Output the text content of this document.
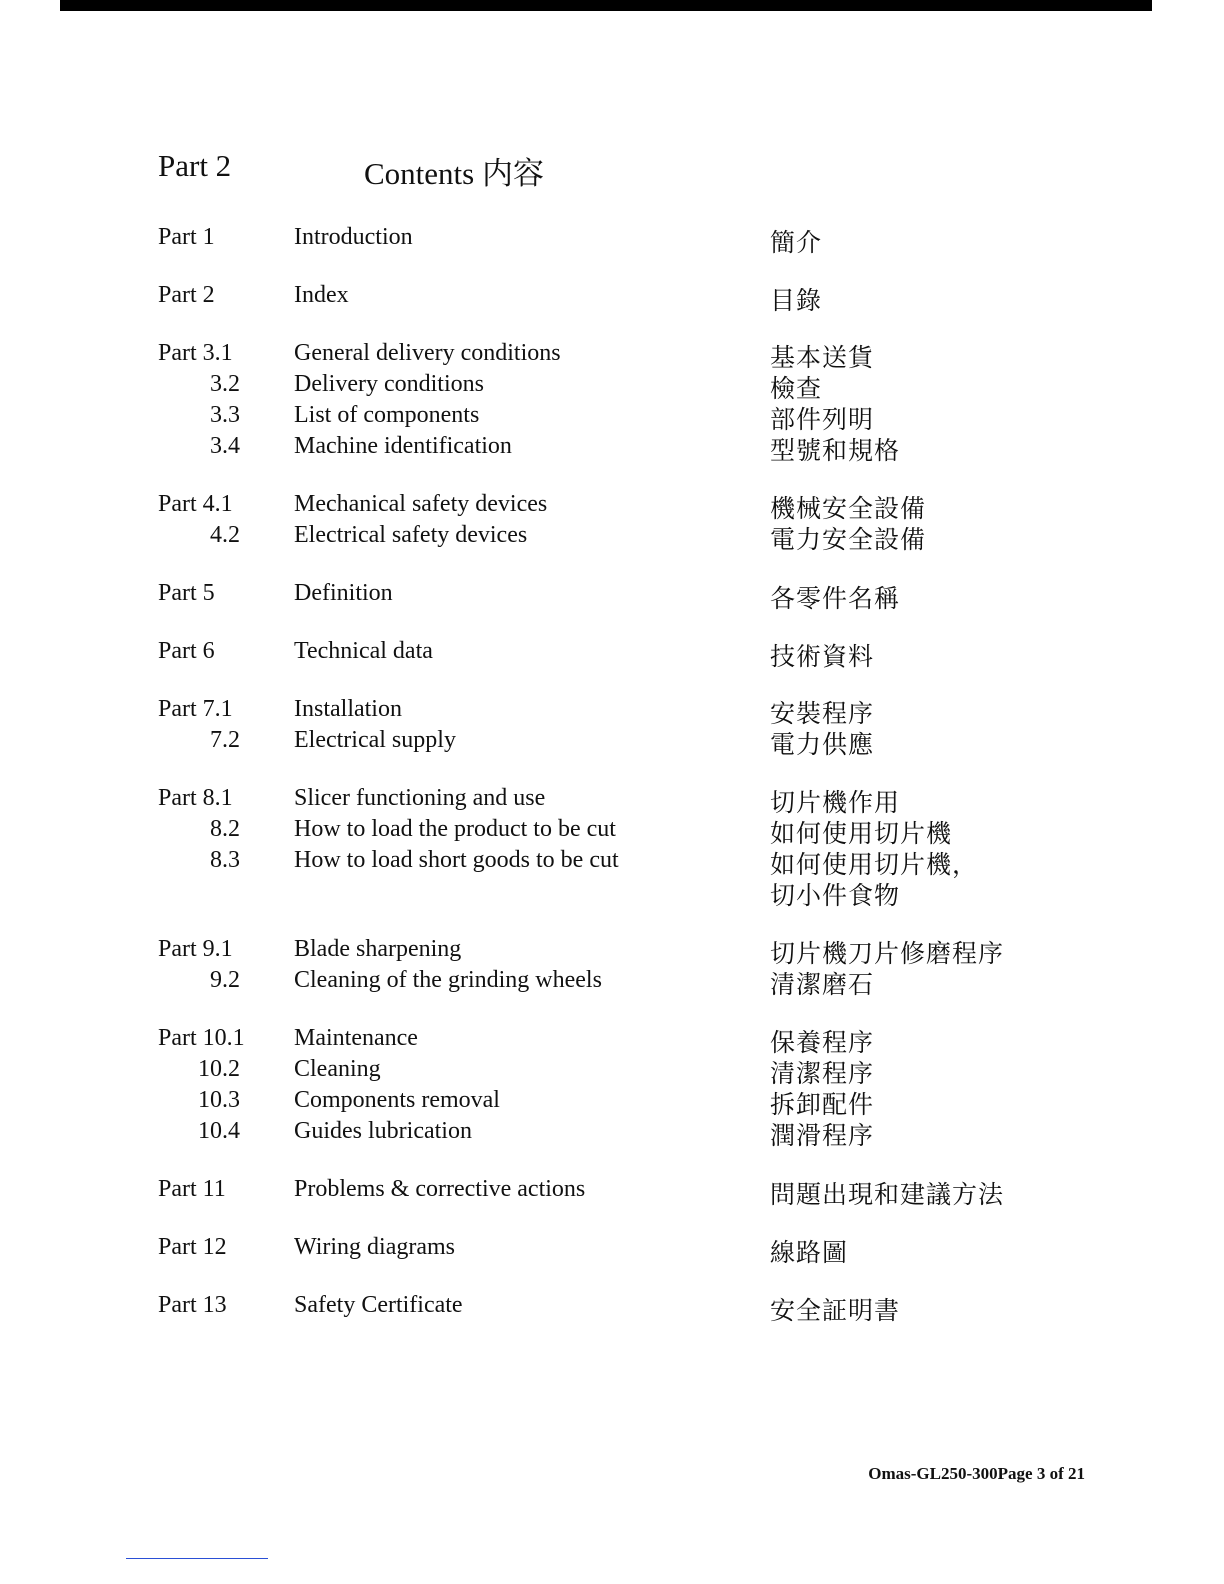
Part 2	Contents 内容
Part 1	Introduction	簡介
Part 2	Index	目錄
Part 3.1	General delivery conditions	基本送貨
3.2 Delivery conditions	檢查
3.3 List of components	部件列明
3.4 Machine identification	型號和規格
Part 4.1	Mechanical safety devices	機械安全設備
4.2 Electrical safety devices	電力安全設備
Part 5	Definition	各零件名稱
Part 6	Technical data	技術資料
Part 7.1	Installation	安裝程序
7.2 Electrical supply	電力供應
Part 8.1	Slicer functioning and use	切片機作用
8.2 How to load the product to be cut	如何使用切片機
8.3 How to load short goods to be cut	如何使用切片機，
切小件食物
Part 9.1	Blade sharpening	切片機刀片修磨程序
9.2 Cleaning of the grinding wheels	清潔磨石
Part 10.1 Maintenance	保養程序
10.2 Cleaning	清潔程序
10.3 Components removal	拆卸配件
10.4 Guides lubrication	潤滑程序
Part 11	Problems & corrective actions	問題出現和建議方法
Part 12	Wiring diagrams	線路圖
Part 13	Safety Certificate	安全証明書
Omas-GL250-300Page 3 of 21
